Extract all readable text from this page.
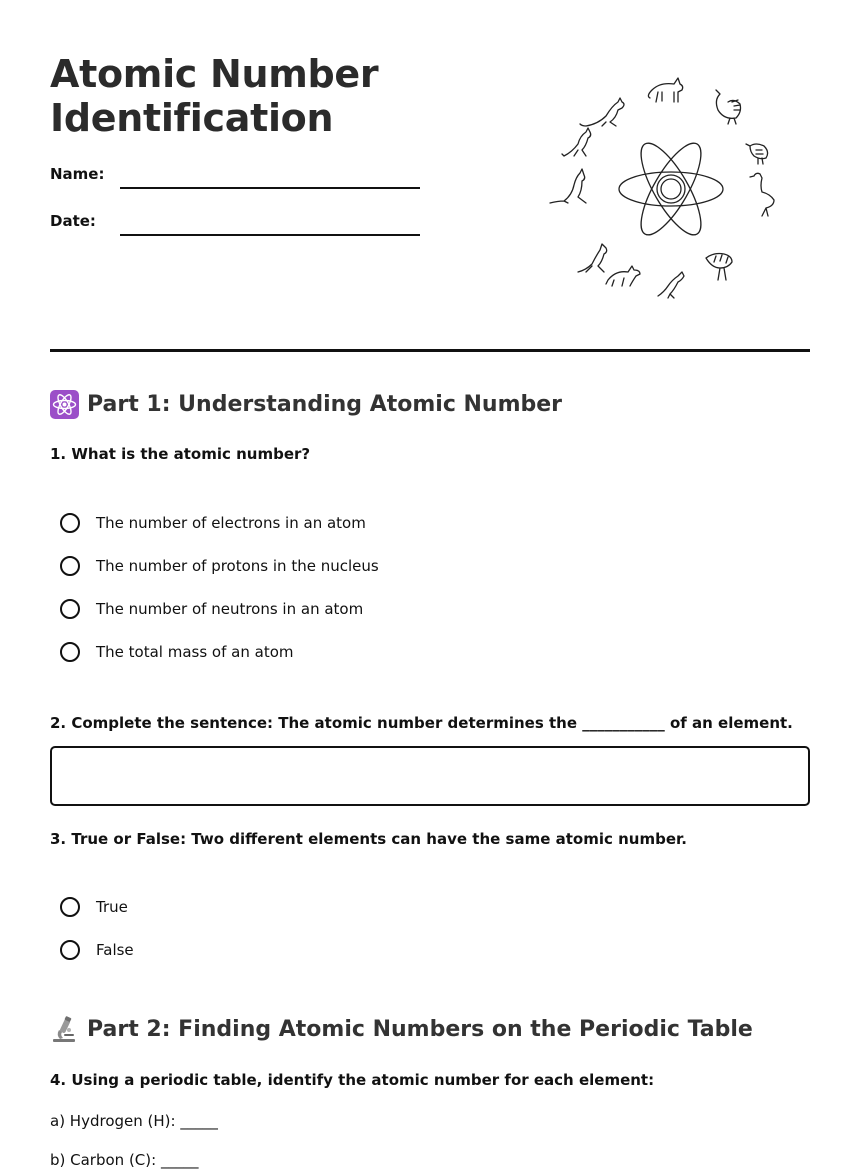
Atomic Number
Identification
Name:
Date:
Part 1: Understanding Atomic Number

1. What is the atomic number?

The number of electrons in an atom
The number of protons in the nucleus
The number of neutrons in an atom
The total mass of an atom

2. Complete the sentence: The atomic number determines the ___________ of an element.

3. True or False: Two different elements can have the same atomic number.

True
False
Part 2: Finding Atomic Numbers on the Periodic Table

4. Using a periodic table, identify the atomic number for each element:

a) Hydrogen (H): _____

b) Carbon (C): _____
